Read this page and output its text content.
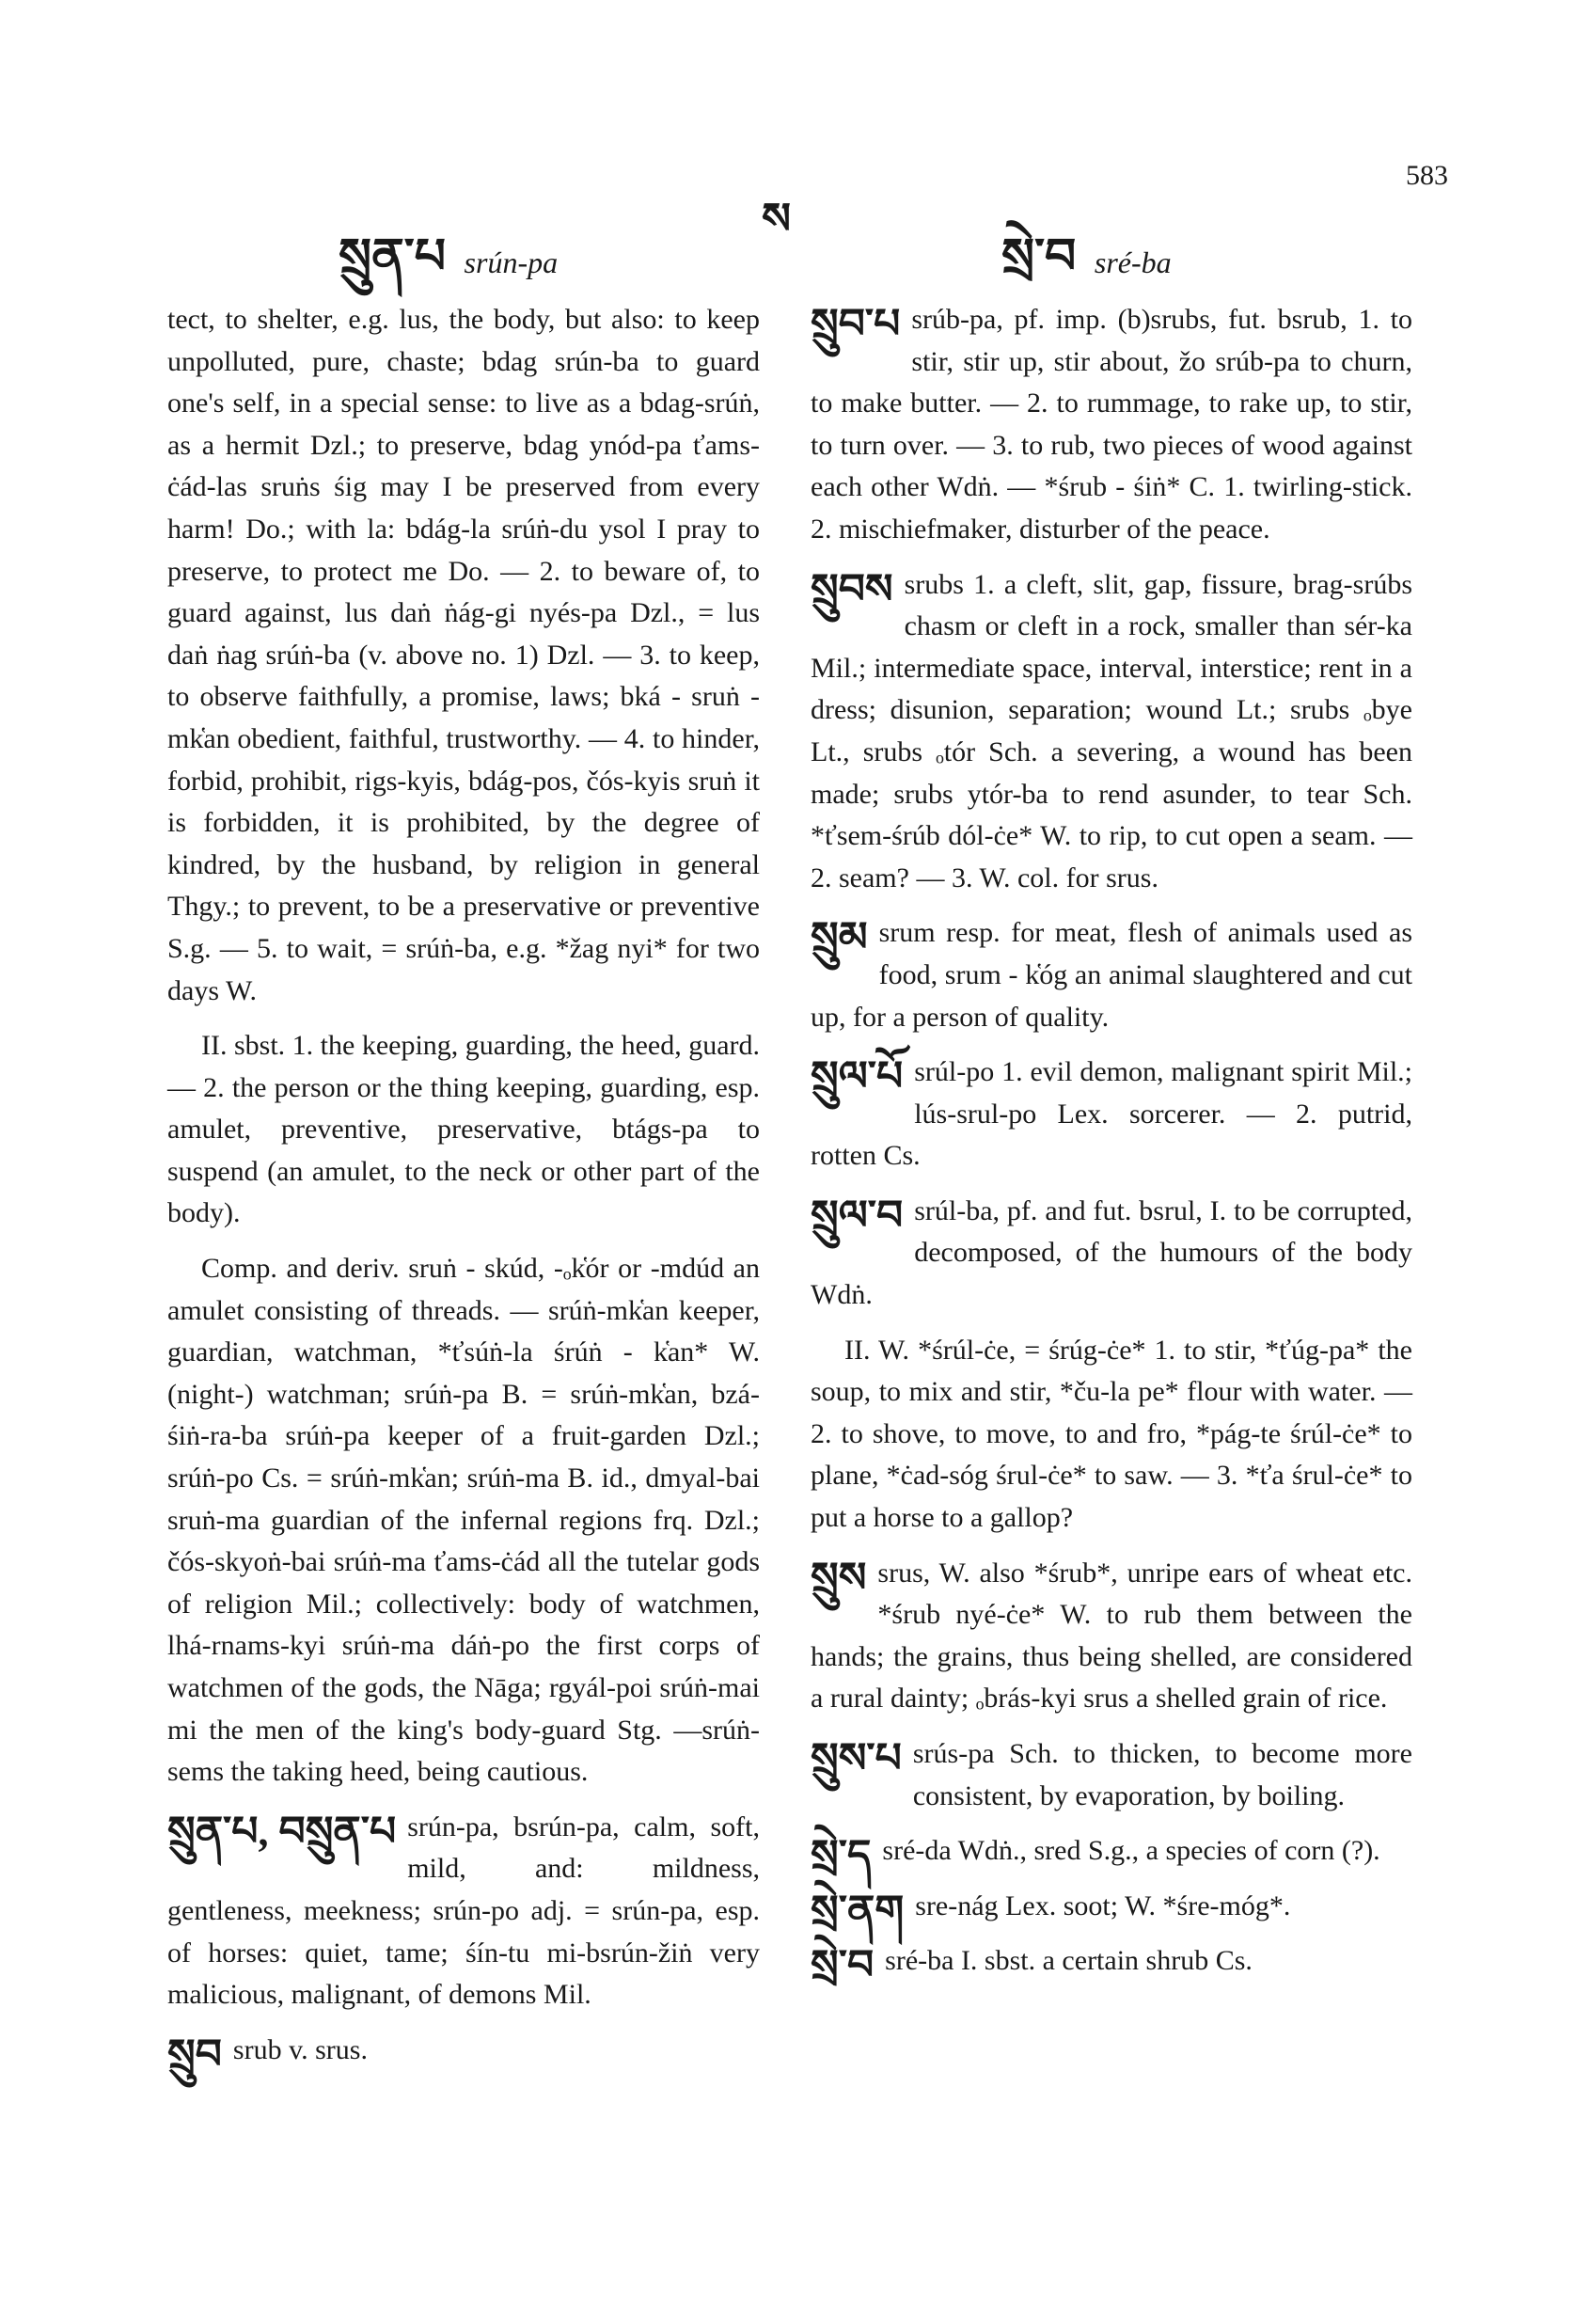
583
ས
སྲུན་པ srún-pa	སྲེ་བ sré-ba

tect, to shelter, e.g. lus, the body, but also: to keep unpolluted, pure, chaste; bdag srún-ba to guard one's self, in a special sense: to live as a bdag-srúṅ, as a hermit Dzl.; to preserve, bdag ynód-pa ťams-ċád-las sruṅs śig may I be preserved from every harm! Do.; with la: bdág-la srúṅ-du ysol I pray to preserve, to protect me Do. — 2. to beware of, to guard against, lus daṅ ṅág-gi nyés-pa Dzl., = lus daṅ ṅag srúṅ-ba (v. above no. 1) Dzl. — 3. to keep, to observe faithfully, a promise, laws; bká - sruṅ - mk̔an obedient, faithful, trustworthy. — 4. to hinder, forbid, prohibit, rigs-kyis, bdág-pos, čós-kyis sruṅ it is forbidden, it is prohibited, by the degree of kindred, by the husband, by religion in general Thgy.; to prevent, to be a preservative or preventive S.g. — 5. to wait, = srúṅ-ba, e.g. *žag nyi* for two days W.

II. sbst. 1. the keeping, guarding, the heed, guard. — 2. the person or the thing keeping, guarding, esp. amulet, preventive, preservative, btágs-pa to suspend (an amulet, to the neck or other part of the body).

Comp. and deriv. sruṅ - skúd, -ₒk̔ór or -mdúd an amulet consisting of threads. — srúṅ-mk̔an keeper, guardian, watchman, *ťsúṅ-la śrúṅ - k̔an* W. (night-) watchman; srúṅ-pa B. = srúṅ-mk̔an, bzá-śiṅ-ra-ba srúṅ-pa keeper of a fruit-garden Dzl.; srúṅ-po Cs. = srúṅ-mk̔an; srúṅ-ma B. id., dmyal-bai sruṅ-ma guardian of the infernal regions frq. Dzl.; čós-skyoṅ-bai srúṅ-ma ťams-ċád all the tutelar gods of religion Mil.; collectively: body of watchmen, lhá-rnams-kyi srúṅ-ma dáṅ-po the first corps of watchmen of the gods, the Nāga; rgyál-poi srúṅ-mai mi the men of the king's body-guard Stg. —srúṅ-sems the taking heed, being cautious.

སྲུན་པ, བསྲུན་པ srún-pa, bsrún-pa, calm, soft, mild, and: mildness, gentleness, meekness; srún-po adj. = srún-pa, esp. of horses: quiet, tame; śín-tu mi-bsrún-žiṅ very malicious, malignant, of demons Mil.

སྲུབ srub v. srus.

སྲུབ་པ srúb-pa, pf. imp. (b)srubs, fut. bsrub, 1. to stir, stir up, stir about, žo srúb-pa to churn, to make butter. — 2. to rummage, to rake up, to stir, to turn over. — 3. to rub, two pieces of wood against each other Wdṅ. — *śrub - śiṅ* C. 1. twirling-stick. 2. mischiefmaker, disturber of the peace.

སྲུབས srubs 1. a cleft, slit, gap, fissure, brag-srúbs chasm or cleft in a rock, smaller than sér-ka Mil.; intermediate space, interval, interstice; rent in a dress; disunion, separation; wound Lt.; srubs ₒbye Lt., srubs ₒtór Sch. a severing, a wound has been made; srubs ytór-ba to rend asunder, to tear Sch. *ťsem-śrúb dól-ċe* W. to rip, to cut open a seam. — 2. seam? — 3. W. col. for srus.

སྲུམ srum resp. for meat, flesh of animals used as food, srum - k̔óg an animal slaughtered and cut up, for a person of quality.

སྲུལ་པོ srúl-po 1. evil demon, malignant spirit Mil.; lús-srul-po Lex. sorcerer. — 2. putrid, rotten Cs.

སྲུལ་བ srúl-ba, pf. and fut. bsrul, I. to be corrupted, decomposed, of the humours of the body Wdṅ.

II. W. *śrúl-ċe, = śrúg-ċe* 1. to stir, *ťúg-pa* the soup, to mix and stir, *ču-la pe* flour with water. — 2. to shove, to move, to and fro, *pág-te śrúl-ċe* to plane, *ċad-sóg śrul-ċe* to saw. — 3. *ťa śrul-ċe* to put a horse to a gallop?

སྲུས srus, W. also *śrub*, unripe ears of wheat etc. *śrub nyé-ċe* W. to rub them between the hands; the grains, thus being shelled, are considered a rural dainty; ₒbrás-kyi srus a shelled grain of rice.

སྲུས་པ srús-pa Sch. to thicken, to become more consistent, by evaporation, by boiling.

སྲེ་ད sré-da Wdṅ., sred S.g., a species of corn (?).

སྲེ་ནག sre-nág Lex. soot; W. *śre-móg*.

སྲེ་བ sré-ba I. sbst. a certain shrub Cs.
